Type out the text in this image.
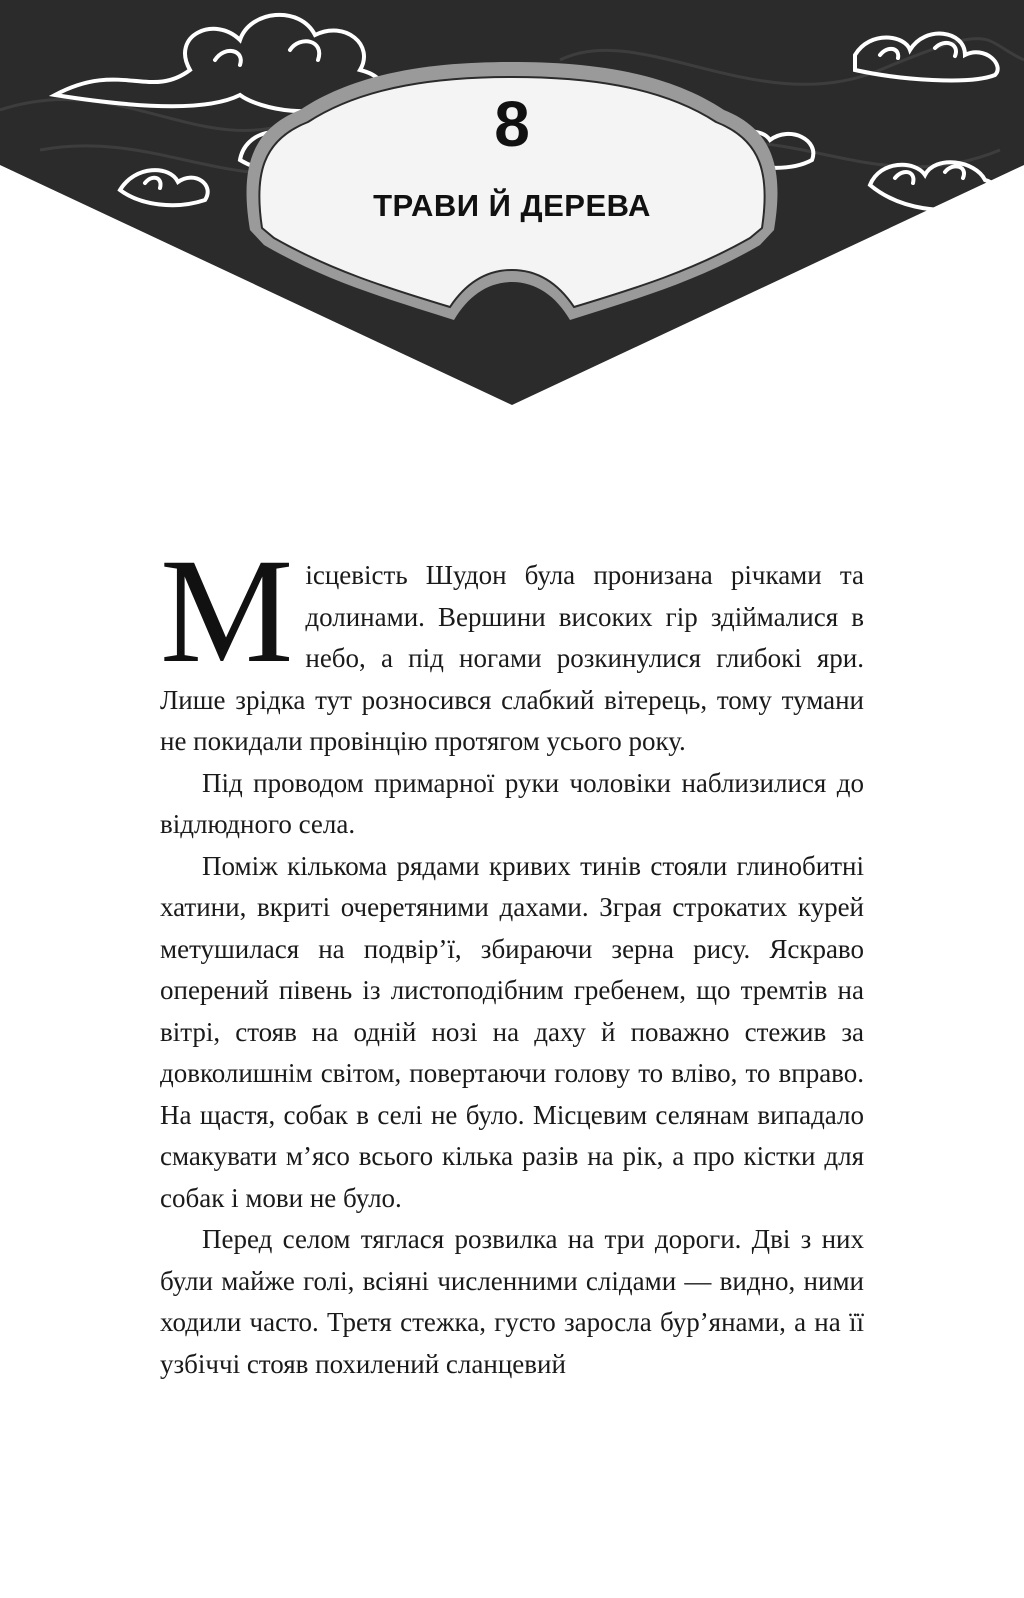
8
ТРАВИ Й ДЕРЕВА

Місцевість Шудон була пронизана річками та долинами. Вершини високих гір здіймалися в небо, а під ногами розкинулися глибокі яри. Лише зрідка тут розносився слабкий вітерець, тому тумани не покидали провінцію протягом усього року.

Під проводом примарної руки чоловіки наблизилися до відлюдного села.

Поміж кількома рядами кривих тинів стояли глинобитні хатини, вкриті очеретяними дахами. Зграя строкатих курей метушилася на подвір’ї, збираючи зерна рису. Яскраво оперений півень із листоподібним гребенем, що тремтів на вітрі, стояв на одній нозі на даху й поважно стежив за довколишнім світом, повертаючи голову то вліво, то вправо. На щастя, собак в селі не було. Місцевим селянам випадало смакувати м’ясо всього кілька разів на рік, а про кістки для собак і мови не було.

Перед селом тяглася розвилка на три дороги. Дві з них були майже голі, всіяні численними слідами — видно, ними ходили часто. Третя стежка, густо заросла бур’янами, а на її узбіччі стояв похилений сланцевий
